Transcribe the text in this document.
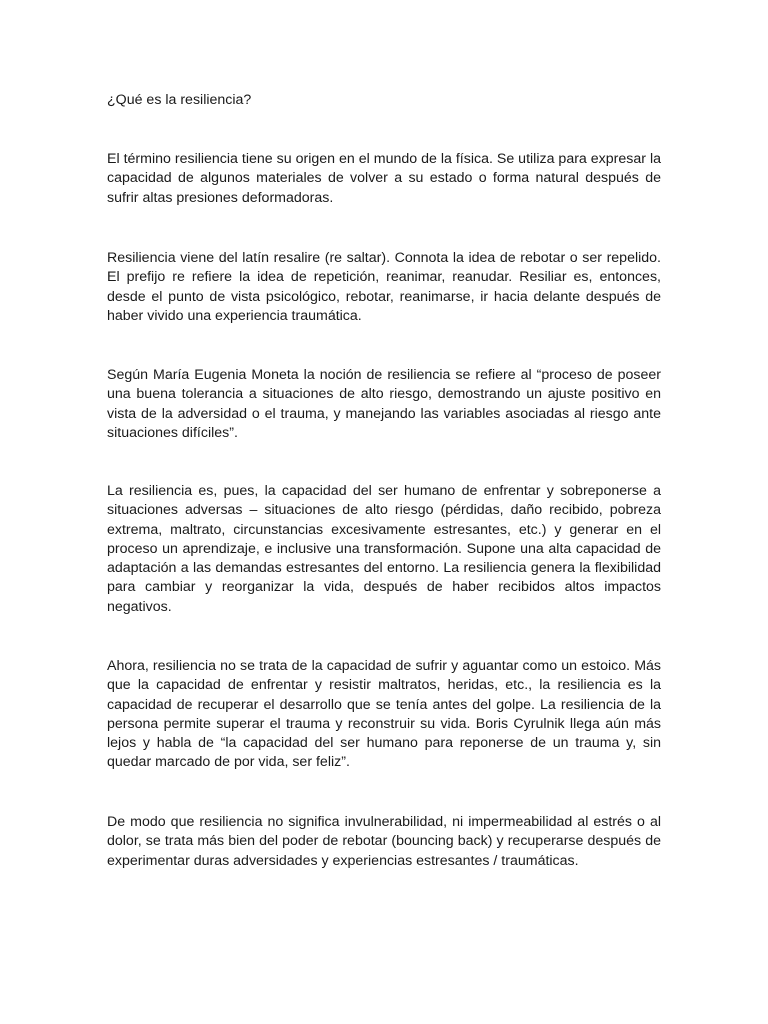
¿Qué es la resiliencia?

El término resiliencia tiene su origen en el mundo de la física. Se utiliza para expresar la capacidad de algunos materiales de volver a su estado o forma natural después de sufrir altas presiones deformadoras.

Resiliencia viene del latín resalire (re saltar). Connota la idea de rebotar o ser repelido. El prefijo re refiere la idea de repetición, reanimar, reanudar. Resiliar es, entonces, desde el punto de vista psicológico, rebotar, reanimarse, ir hacia delante después de haber vivido una experiencia traumática.

Según María Eugenia Moneta la noción de resiliencia se refiere al “proceso de poseer una buena tolerancia a situaciones de alto riesgo, demostrando un ajuste positivo en vista de la adversidad o el trauma, y manejando las variables asociadas al riesgo ante situaciones difíciles”.

La resiliencia es, pues, la capacidad del ser humano de enfrentar y sobreponerse a situaciones adversas – situaciones de alto riesgo (pérdidas, daño recibido, pobreza extrema, maltrato, circunstancias excesivamente estresantes, etc.) y generar en el proceso un aprendizaje, e inclusive una transformación. Supone una alta capacidad de adaptación a las demandas estresantes del entorno. La resiliencia genera la flexibilidad para cambiar y reorganizar la vida, después de haber recibidos altos impactos negativos.

Ahora, resiliencia no se trata de la capacidad de sufrir y aguantar como un estoico. Más que la capacidad de enfrentar y resistir maltratos, heridas, etc., la resiliencia es la capacidad de recuperar el desarrollo que se tenía antes del golpe. La resiliencia de la persona permite superar el trauma y reconstruir su vida. Boris Cyrulnik llega aún más lejos y habla de “la capacidad del ser humano para reponerse de un trauma y, sin quedar marcado de por vida, ser feliz”.

De modo que resiliencia no significa invulnerabilidad, ni impermeabilidad al estrés o al dolor, se trata más bien del poder de rebotar (bouncing back) y recuperarse después de experimentar duras adversidades y experiencias estresantes / traumáticas.
